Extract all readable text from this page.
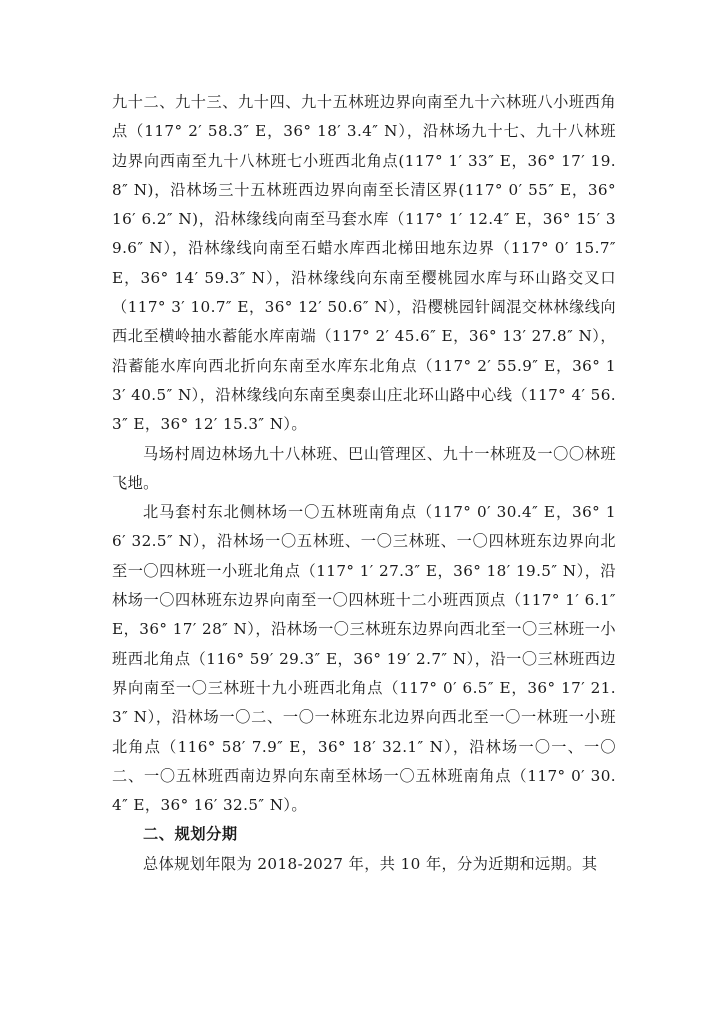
九十二、九十三、九十四、九十五林班边界向南至九十六林班八小班西角点（117° 2′ 58.3″ E，36° 18′ 3.4″ N），沿林场九十七、九十八林班边界向西南至九十八林班七小班西北角点(117° 1′ 33″ E，36° 17′ 19.8″ N)，沿林场三十五林班西边界向南至长清区界(117° 0′ 55″ E，36° 16′ 6.2″ N)，沿林缘线向南至马套水库（117° 1′ 12.4″ E，36° 15′ 39.6″ N），沿林缘线向南至石蜡水库西北梯田地东边界（117° 0′ 15.7″ E，36° 14′ 59.3″ N），沿林缘线向东南至樱桃园水库与环山路交叉口（117° 3′ 10.7″ E，36° 12′ 50.6″ N），沿樱桃园针阔混交林林缘线向西北至横岭抽水蓄能水库南端（117° 2′ 45.6″ E，36° 13′ 27.8″ N），沿蓄能水库向西北折向东南至水库东北角点（117° 2′ 55.9″ E，36° 13′ 40.5″ N），沿林缘线向东南至奥泰山庄北环山路中心线（117° 4′ 56.3″ E，36° 12′ 15.3″ N）。

马场村周边林场九十八林班、巴山管理区、九十一林班及一〇〇林班飞地。

北马套村东北侧林场一〇五林班南角点（117° 0′ 30.4″ E，36° 16′ 32.5″ N），沿林场一〇五林班、一〇三林班、一〇四林班东边界向北至一〇四林班一小班北角点（117° 1′ 27.3″ E，36° 18′ 19.5″ N），沿林场一〇四林班东边界向南至一〇四林班十二小班西顶点（117° 1′ 6.1″ E，36° 17′ 28″ N），沿林场一〇三林班东边界向西北至一〇三林班一小班西北角点（116° 59′ 29.3″ E，36° 19′ 2.7″ N），沿一〇三林班西边界向南至一〇三林班十九小班西北角点（117° 0′ 6.5″ E，36° 17′ 21.3″ N），沿林场一〇二、一〇一林班东北边界向西北至一〇一林班一小班北角点（116° 58′ 7.9″ E，36° 18′ 32.1″ N），沿林场一〇一、一〇二、一〇五林班西南边界向东南至林场一〇五林班南角点（117° 0′ 30.4″ E，36° 16′ 32.5″ N）。

二、规划分期

总体规划年限为 2018-2027 年，共 10 年，分为近期和远期。其
